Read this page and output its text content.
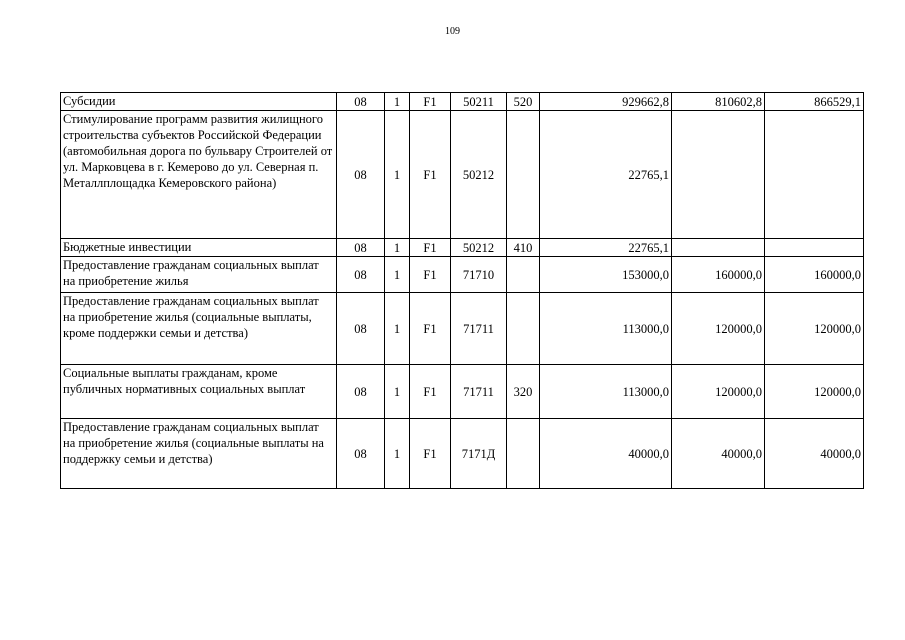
109
Субсидии	08	1	F1	50211	520	929662,8	810602,8	866529,1
Стимулирование программ развития жилищного строительства субъектов Российской Федерации (автомобильная дорога по бульвару Строителей от ул. Марковцева в г. Кемерово до ул. Северная п. Металлплощадка Кемеровского района)	08	1	F1	50212		22765,1		
Бюджетные инвестиции	08	1	F1	50212	410	22765,1		
Предоставление гражданам социальных выплат на приобретение жилья	08	1	F1	71710		153000,0	160000,0	160000,0
Предоставление гражданам социальных выплат на приобретение жилья (социальные выплаты, кроме поддержки семьи и детства)	08	1	F1	71711		113000,0	120000,0	120000,0
Социальные выплаты гражданам, кроме публичных нормативных социальных выплат	08	1	F1	71711	320	113000,0	120000,0	120000,0
Предоставление гражданам социальных выплат на приобретение жилья (социальные выплаты на поддержку семьи и детства)	08	1	F1	7171Д		40000,0	40000,0	40000,0
